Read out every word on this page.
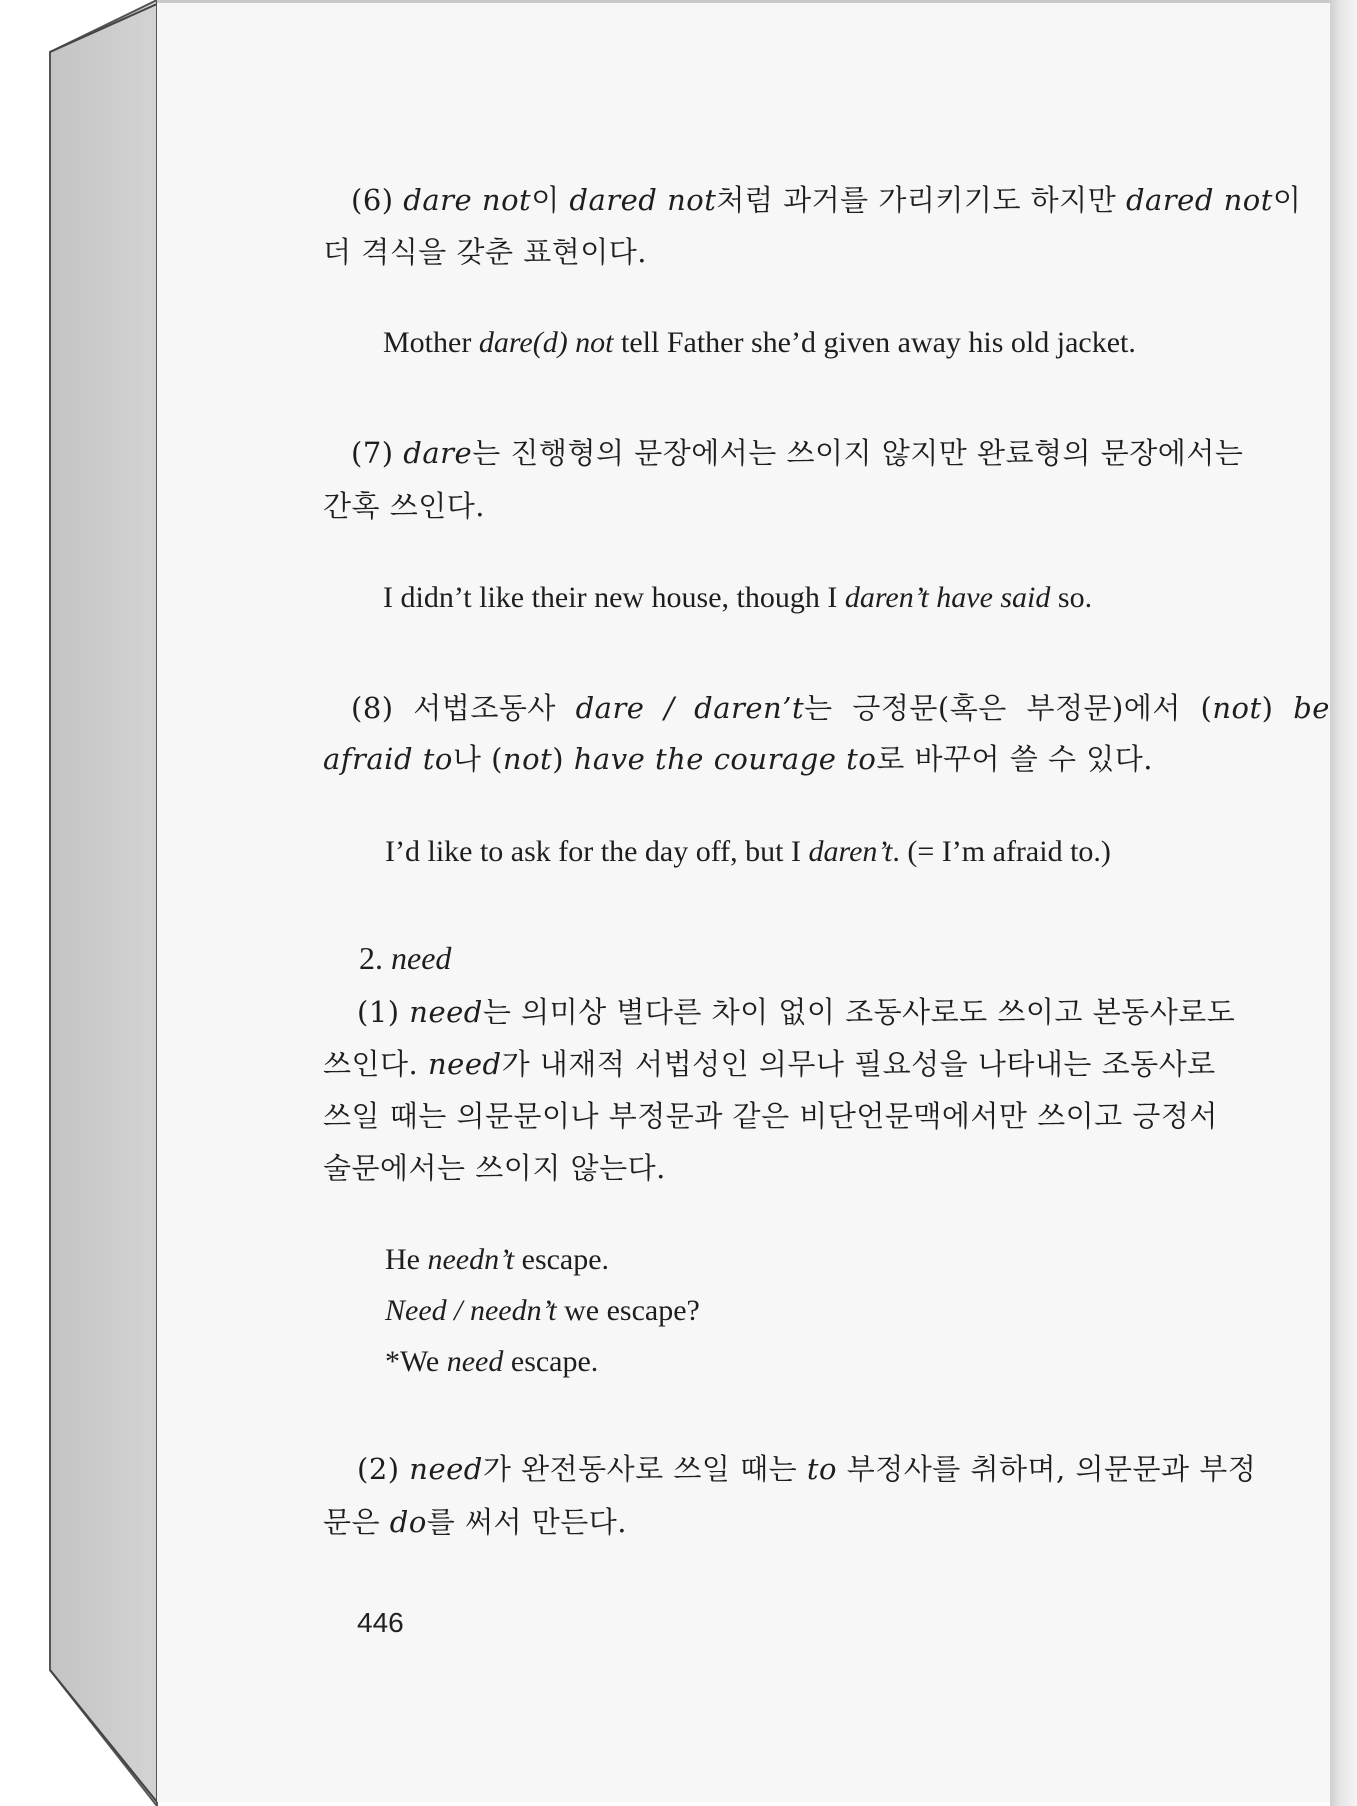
(6) dare not이 dared not처럼 과거를 가리키기도 하지만 dared not이
더 격식을 갖춘 표현이다.
Mother dare(d) not tell Father she’d given away his old jacket.
(7) dare는 진행형의 문장에서는 쓰이지 않지만 완료형의 문장에서는
간혹 쓰인다.
I didn’t like their new house, though I daren’t have said so.
(8) 서법조동사 dare / daren’t는 긍정문(혹은 부정문)에서 (not) be
afraid to나 (not) have the courage to로 바꾸어 쓸 수 있다.
I’d like to ask for the day off, but I daren’t. (= I’m afraid to.)
2. need
(1) need는 의미상 별다른 차이 없이 조동사로도 쓰이고 본동사로도
쓰인다. need가 내재적 서법성인 의무나 필요성을 나타내는 조동사로
쓰일 때는 의문문이나 부정문과 같은 비단언문맥에서만 쓰이고 긍정서
술문에서는 쓰이지 않는다.
He needn’t escape.
Need / needn’t we escape?
*We need escape.
(2) need가 완전동사로 쓰일 때는 to 부정사를 취하며, 의문문과 부정
문은 do를 써서 만든다.
446
